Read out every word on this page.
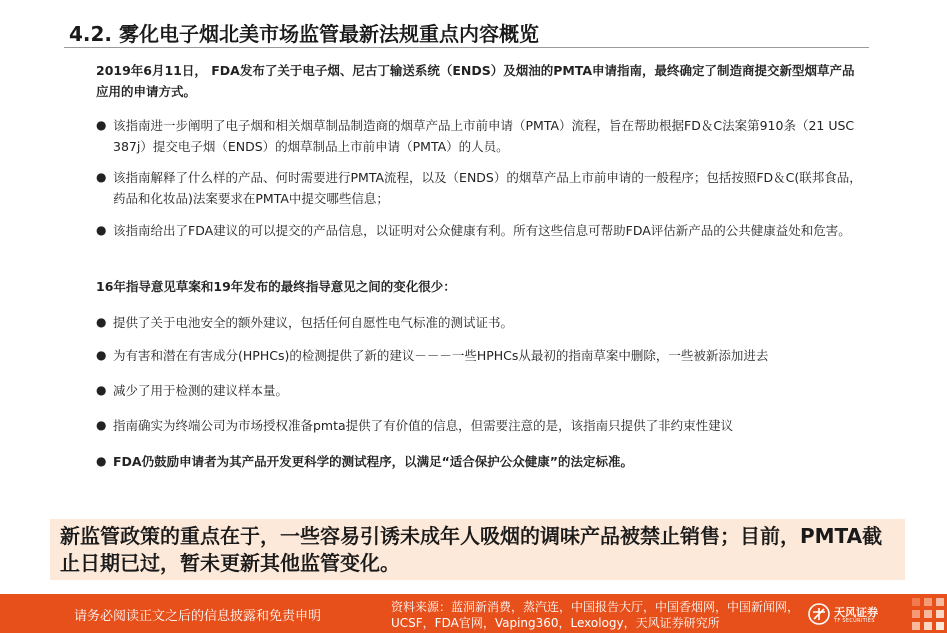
4.2. 雾化电子烟北美市场监管最新法规重点内容概览
2019年6月11日， FDA发布了关于电子烟、尼古丁输送系统（ENDS）及烟油的PMTA申请指南，最终确定了制造商提交新型烟草产品应用的申请方式。
● 该指南进一步阐明了电子烟和相关烟草制品制造商的烟草产品上市前申请（PMTA）流程，旨在帮助根据FD＆C法案第910条（21 USC 387j）提交电子烟（ENDS）的烟草制品上市前申请（PMTA）的人员。
● 该指南解释了什么样的产品、何时需要进行PMTA流程，以及（ENDS）的烟草产品上市前申请的一般程序；包括按照FD＆C(联邦食品，药品和化妆品)法案要求在PMTA中提交哪些信息；
● 该指南给出了FDA建议的可以提交的产品信息，以证明对公众健康有利。所有这些信息可帮助FDA评估新产品的公共健康益处和危害。
16年指导意见草案和19年发布的最终指导意见之间的变化很少：
● 提供了关于电池安全的额外建议，包括任何自愿性电气标准的测试证书。
● 为有害和潜在有害成分(HPHCs)的检测提供了新的建议－－－一些HPHCs从最初的指南草案中删除，一些被新添加进去
● 减少了用于检测的建议样本量。
● 指南确实为终端公司为市场授权准备pmta提供了有价值的信息，但需要注意的是，该指南只提供了非约束性建议
● FDA仍鼓励申请者为其产品开发更科学的测试程序，以满足“适合保护公众健康”的法定标准。
新监管政策的重点在于，一些容易引诱未成年人吸烟的调味产品被禁止销售；目前，PMTA截止日期已过，暂未更新其他监管变化。
请务必阅读正文之后的信息披露和免责申明
资料来源：蓝洞新消费，蒸汽连，中国报告大厅，中国香烟网，中国新闻网，UCSF，FDA官网，Vaping360，Lexology，天风证券研究所
天风证券
TF SECURITIES
